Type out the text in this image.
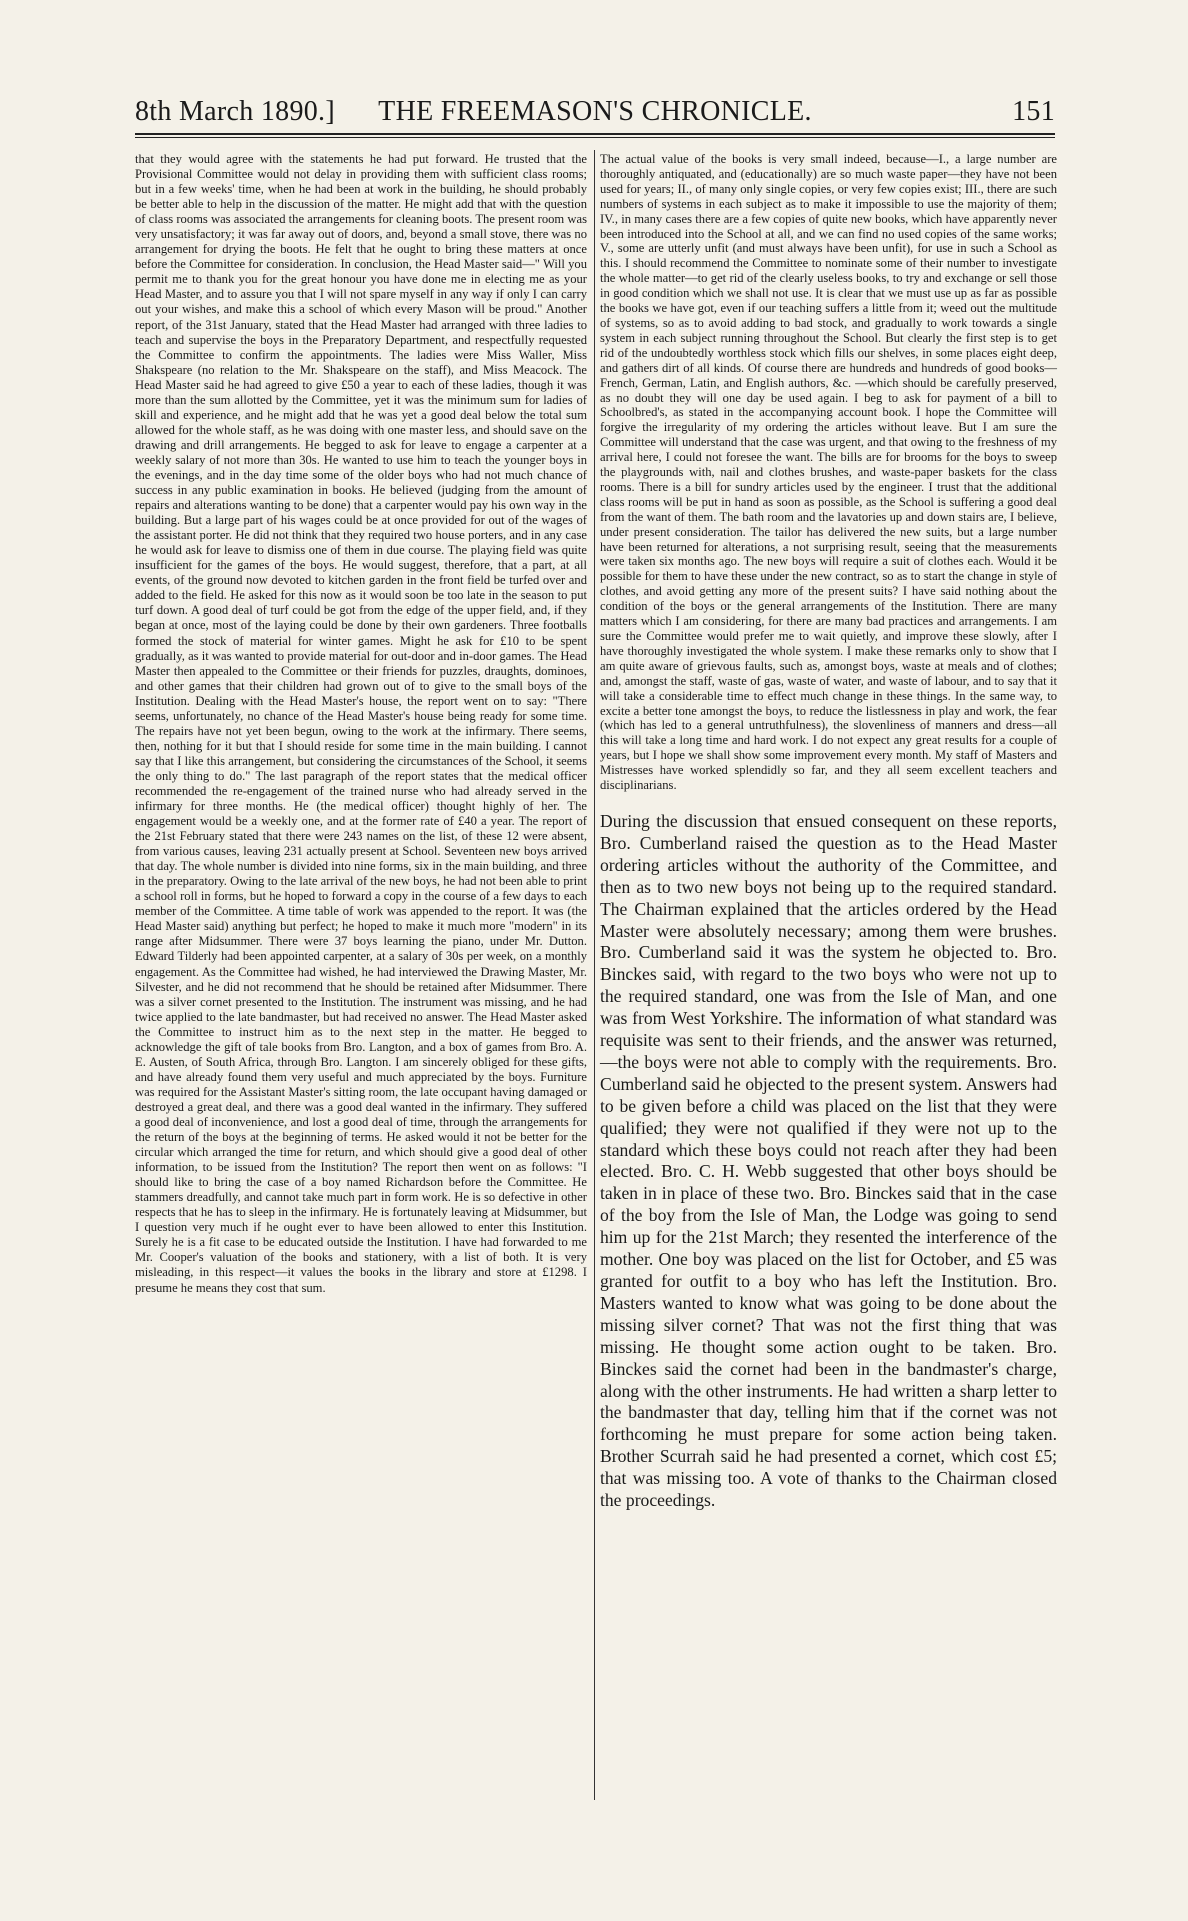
8th March 1890.]	THE FREEMASON'S CHRONICLE.	151

that they would agree with the statements he had put forward. He trusted that the Provisional Committee would not delay in providing them with sufficient class rooms; but in a few weeks' time, when he had been at work in the building, he should probably be better able to help in the discussion of the matter. He might add that with the question of class rooms was associated the arrangements for cleaning boots. The present room was very unsatisfactory; it was far away out of doors, and, beyond a small stove, there was no arrangement for drying the boots. He felt that he ought to bring these matters at once before the Committee for consideration. In conclusion, the Head Master said—" Will you permit me to thank you for the great honour you have done me in electing me as your Head Master, and to assure you that I will not spare myself in any way if only I can carry out your wishes, and make this a school of which every Mason will be proud." Another report, of the 31st January, stated that the Head Master had arranged with three ladies to teach and supervise the boys in the Preparatory Department, and respectfully requested the Committee to confirm the appointments. The ladies were Miss Waller, Miss Shakspeare (no relation to the Mr. Shakspeare on the staff), and Miss Meacock. The Head Master said he had agreed to give £50 a year to each of these ladies, though it was more than the sum allotted by the Committee, yet it was the minimum sum for ladies of skill and experience, and he might add that he was yet a good deal below the total sum allowed for the whole staff, as he was doing with one master less, and should save on the drawing and drill arrangements. He begged to ask for leave to engage a carpenter at a weekly salary of not more than 30s. He wanted to use him to teach the younger boys in the evenings, and in the day time some of the older boys who had not much chance of success in any public examination in books. He believed (judging from the amount of repairs and alterations wanting to be done) that a carpenter would pay his own way in the building. But a large part of his wages could be at once provided for out of the wages of the assistant porter. He did not think that they required two house porters, and in any case he would ask for leave to dismiss one of them in due course. The playing field was quite insufficient for the games of the boys. He would suggest, therefore, that a part, at all events, of the ground now devoted to kitchen garden in the front field be turfed over and added to the field. He asked for this now as it would soon be too late in the season to put turf down. A good deal of turf could be got from the edge of the upper field, and, if they began at once, most of the laying could be done by their own gardeners. Three footballs formed the stock of material for winter games. Might he ask for £10 to be spent gradually, as it was wanted to provide material for out-door and in-door games. The Head Master then appealed to the Committee or their friends for puzzles, draughts, dominoes, and other games that their children had grown out of to give to the small boys of the Institution. Dealing with the Head Master's house, the report went on to say: "There seems, unfortunately, no chance of the Head Master's house being ready for some time. The repairs have not yet been begun, owing to the work at the infirmary. There seems, then, nothing for it but that I should reside for some time in the main building. I cannot say that I like this arrangement, but considering the circumstances of the School, it seems the only thing to do." The last paragraph of the report states that the medical officer recommended the re-engagement of the trained nurse who had already served in the infirmary for three months. He (the medical officer) thought highly of her. The engagement would be a weekly one, and at the former rate of £40 a year. The report of the 21st February stated that there were 243 names on the list, of these 12 were absent, from various causes, leaving 231 actually present at School. Seventeen new boys arrived that day. The whole number is divided into nine forms, six in the main building, and three in the preparatory. Owing to the late arrival of the new boys, he had not been able to print a school roll in forms, but he hoped to forward a copy in the course of a few days to each member of the Committee. A time table of work was appended to the report. It was (the Head Master said) anything but perfect; he hoped to make it much more "modern" in its range after Midsummer. There were 37 boys learning the piano, under Mr. Dutton. Edward Tilderly had been appointed carpenter, at a salary of 30s per week, on a monthly engagement. As the Committee had wished, he had interviewed the Drawing Master, Mr. Silvester, and he did not recommend that he should be retained after Midsummer. There was a silver cornet presented to the Institution. The instrument was missing, and he had twice applied to the late bandmaster, but had received no answer. The Head Master asked the Committee to instruct him as to the next step in the matter. He begged to acknowledge the gift of tale books from Bro. Langton, and a box of games from Bro. A. E. Austen, of South Africa, through Bro. Langton. I am sincerely obliged for these gifts, and have already found them very useful and much appreciated by the boys. Furniture was required for the Assistant Master's sitting room, the late occupant having damaged or destroyed a great deal, and there was a good deal wanted in the infirmary. They suffered a good deal of inconvenience, and lost a good deal of time, through the arrangements for the return of the boys at the beginning of terms. He asked would it not be better for the circular which arranged the time for return, and which should give a good deal of other information, to be issued from the Institution? The report then went on as follows: "I should like to bring the case of a boy named Richardson before the Committee. He stammers dreadfully, and cannot take much part in form work. He is so defective in other respects that he has to sleep in the infirmary. He is fortunately leaving at Midsummer, but I question very much if he ought ever to have been allowed to enter this Institution. Surely he is a fit case to be educated outside the Institution. I have had forwarded to me Mr. Cooper's valuation of the books and stationery, with a list of both. It is very misleading, in this respect—it values the books in the library and store at £1298. I presume he means they cost that sum.

The actual value of the books is very small indeed, because—I., a large number are thoroughly antiquated, and (educationally) are so much waste paper—they have not been used for years; II., of many only single copies, or very few copies exist; III., there are such numbers of systems in each subject as to make it impossible to use the majority of them; IV., in many cases there are a few copies of quite new books, which have apparently never been introduced into the School at all, and we can find no used copies of the same works; V., some are utterly unfit (and must always have been unfit), for use in such a School as this. I should recommend the Committee to nominate some of their number to investigate the whole matter—to get rid of the clearly useless books, to try and exchange or sell those in good condition which we shall not use. It is clear that we must use up as far as possible the books we have got, even if our teaching suffers a little from it; weed out the multitude of systems, so as to avoid adding to bad stock, and gradually to work towards a single system in each subject running throughout the School. But clearly the first step is to get rid of the undoubtedly worthless stock which fills our shelves, in some places eight deep, and gathers dirt of all kinds. Of course there are hundreds and hundreds of good books—French, German, Latin, and English authors, &c. —which should be carefully preserved, as no doubt they will one day be used again. I beg to ask for payment of a bill to Schoolbred's, as stated in the accompanying account book. I hope the Committee will forgive the irregularity of my ordering the articles without leave. But I am sure the Committee will understand that the case was urgent, and that owing to the freshness of my arrival here, I could not foresee the want. The bills are for brooms for the boys to sweep the playgrounds with, nail and clothes brushes, and waste-paper baskets for the class rooms. There is a bill for sundry articles used by the engineer. I trust that the additional class rooms will be put in hand as soon as possible, as the School is suffering a good deal from the want of them. The bath room and the lavatories up and down stairs are, I believe, under present consideration. The tailor has delivered the new suits, but a large number have been returned for alterations, a not surprising result, seeing that the measurements were taken six months ago. The new boys will require a suit of clothes each. Would it be possible for them to have these under the new contract, so as to start the change in style of clothes, and avoid getting any more of the present suits? I have said nothing about the condition of the boys or the general arrangements of the Institution. There are many matters which I am considering, for there are many bad practices and arrangements. I am sure the Committee would prefer me to wait quietly, and improve these slowly, after I have thoroughly investigated the whole system. I make these remarks only to show that I am quite aware of grievous faults, such as, amongst boys, waste at meals and of clothes; and, amongst the staff, waste of gas, waste of water, and waste of labour, and to say that it will take a considerable time to effect much change in these things. In the same way, to excite a better tone amongst the boys, to reduce the listlessness in play and work, the fear (which has led to a general untruthfulness), the slovenliness of manners and dress—all this will take a long time and hard work. I do not expect any great results for a couple of years, but I hope we shall show some improvement every month. My staff of Masters and Mistresses have worked splendidly so far, and they all seem excellent teachers and disciplinarians.

During the discussion that ensued consequent on these reports, Bro. Cumberland raised the question as to the Head Master ordering articles without the authority of the Committee, and then as to two new boys not being up to the required standard. The Chairman explained that the articles ordered by the Head Master were absolutely necessary; among them were brushes. Bro. Cumberland said it was the system he objected to. Bro. Binckes said, with regard to the two boys who were not up to the required standard, one was from the Isle of Man, and one was from West Yorkshire. The information of what standard was requisite was sent to their friends, and the answer was returned,—the boys were not able to comply with the requirements. Bro. Cumberland said he objected to the present system. Answers had to be given before a child was placed on the list that they were qualified; they were not qualified if they were not up to the standard which these boys could not reach after they had been elected. Bro. C. H. Webb suggested that other boys should be taken in in place of these two. Bro. Binckes said that in the case of the boy from the Isle of Man, the Lodge was going to send him up for the 21st March; they resented the interference of the mother. One boy was placed on the list for October, and £5 was granted for outfit to a boy who has left the Institution. Bro. Masters wanted to know what was going to be done about the missing silver cornet? That was not the first thing that was missing. He thought some action ought to be taken. Bro. Binckes said the cornet had been in the bandmaster's charge, along with the other instruments. He had written a sharp letter to the bandmaster that day, telling him that if the cornet was not forthcoming he must prepare for some action being taken. Brother Scurrah said he had presented a cornet, which cost £5; that was missing too. A vote of thanks to the Chairman closed the proceedings.
